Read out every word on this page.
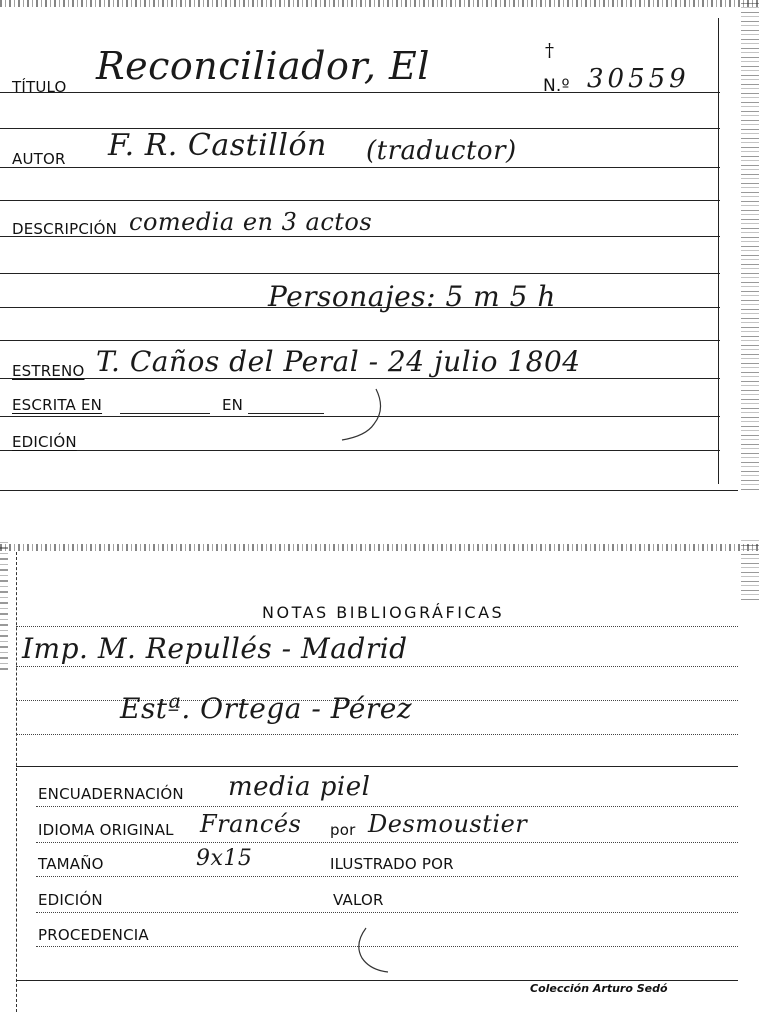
TÍTULO Reconciliador, El	†
N.º 30559
AUTOR F. R. Castillón (traductor)
DESCRIPCIÓN comedia en 3 actos
Personajes: 5 m 5 h
ESTRENO T. Caños del Peral - 24 julio 1804
ESCRITA EN	EN
EDICIÓN
NOTAS BIBLIOGRÁFICAS
Imp. M. Repullés - Madrid
Estª. Ortega - Pérez
ENCUADERNACIÓN media piel
IDIOMA ORIGINAL Francés por Desmoustier
TAMAÑO	9x15	ILUSTRADO POR
EDICIÓN	VALOR
PROCEDENCIA
Colección Arturo Sedó
